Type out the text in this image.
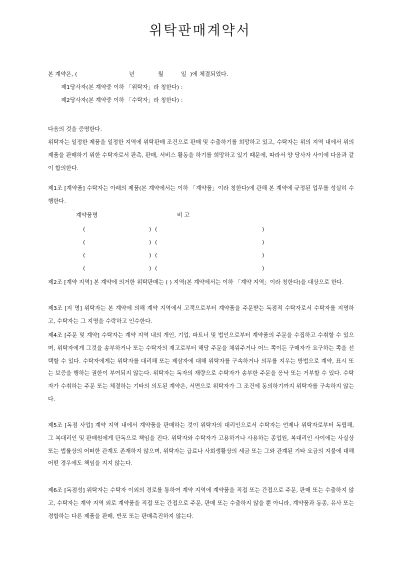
위탁판매계약서
본 계약은, (	년	월	일 )에 체결되었다.
제1당사자(본 계약중 이하 「위탁자」라 칭한다) :
제2당사자(본 계약중 이하 「수탁자」라 칭한다) :
다음의 것을 증명한다.
위탁자는 일정한 제품을 일정한 지역에 위탁판매 조건으로 판매 및 수출하기를 희망하고 있고, 수탁자는 위의 지역 내에서 위의 제품을 판매하기 위한 수탁자로서 판촉, 판매, 서비스 활동을 하기를 희망하고 있기 때문에, 따라서 양 당사자 사이에 다음과 같이 합의한다.
제1조 [계약품] 수탁자는 아래의 제품(본 계약에서는 이하 「계약품」이라 칭한다)에 관해 본 계약에 규정된 업무를 성실히 수행한다.
계약품명	비 고
(	) (	)
(	) (	)
(	) (	)
(	) (	)
제2조 [계약 지역] 본 계약에 의거한 위탁판매는 ( ) 지역(본 계약에서는 이하 「계약 지역」이라 칭한다)을 대상으로 한다.
제3조 [지 명] 위탁자는 본 계약에 의해 계약 지역에서 고객으로부터 계약품을 주문받는 독점적 수탁자로서 수탁자를 지명하고, 수탁자는 그 지명을 수락하고 인수한다.
제4조 [주문 및 계약] 수탁자는 계약 지역 내의 개인, 기업, 파트너 및 법인으로부터 계약품의 주문을 수집하고 수취할 수 있으며, 위탁자에게 그것을 송부하거나 또는 수탁자의 재고로부터 해당 주문을 채워주거나 어느 쪽이든 구매자가 요구하는 쪽을 선택할 수 있다. 수탁자에게는 위탁자를 대리해 또는 제삼자에 대해 위탁자를 구속하거나 의무를 지우는 방법으로 계약, 표시 또는 보증을 행하는 권한이 부여되지 않는다. 위탁자는 독자의 재량으로 수탁자가 송부한 주문을 응낙 또는 거부할 수 있다. 수탁자가 수취하는 주문 또는 체결하는 기타의 의도된 계약은, 서면으로 위탁자가 그 조건에 동의하기까지 위탁자를 구속하지 않는다.
제5조 [독점 사업] 계약 지역 내에서 계약품을 판매하는 것이 위탁자의 대리인으로서 수탁자는 언제나 위탁자로부터 독립해, 그 복대리인 및 판매원에게 단독으로 책임을 진다. 위탁자와 수탁자가 고용하거나 사용하는 종업원, 복대리인 사이에는 사실상 또는 법률상의 어떠한 관계도 존재하지 않으며, 위탁자는 급료나 사회생활상의 세금 또는 그와 관계된 기타 요금의 지불에 대해 어떤 경우에도 책임을 지지 않는다.
제6조 [독점성] 위탁자는 수탁자 이외의 경로를 통하여 계약 지역에 계약품을 직접 또는 간접으로 주문, 판매 또는 수출하지 않고, 수탁자는 계약 지역 외로 계약품을 직접 또는 간접으로 주문, 판매 또는 수출하지 않을 뿐 아니라, 계약품과 동종, 유사 또는 경합하는 다른 제품을 판매, 반포 또는 판매촉진하지 않는다.
